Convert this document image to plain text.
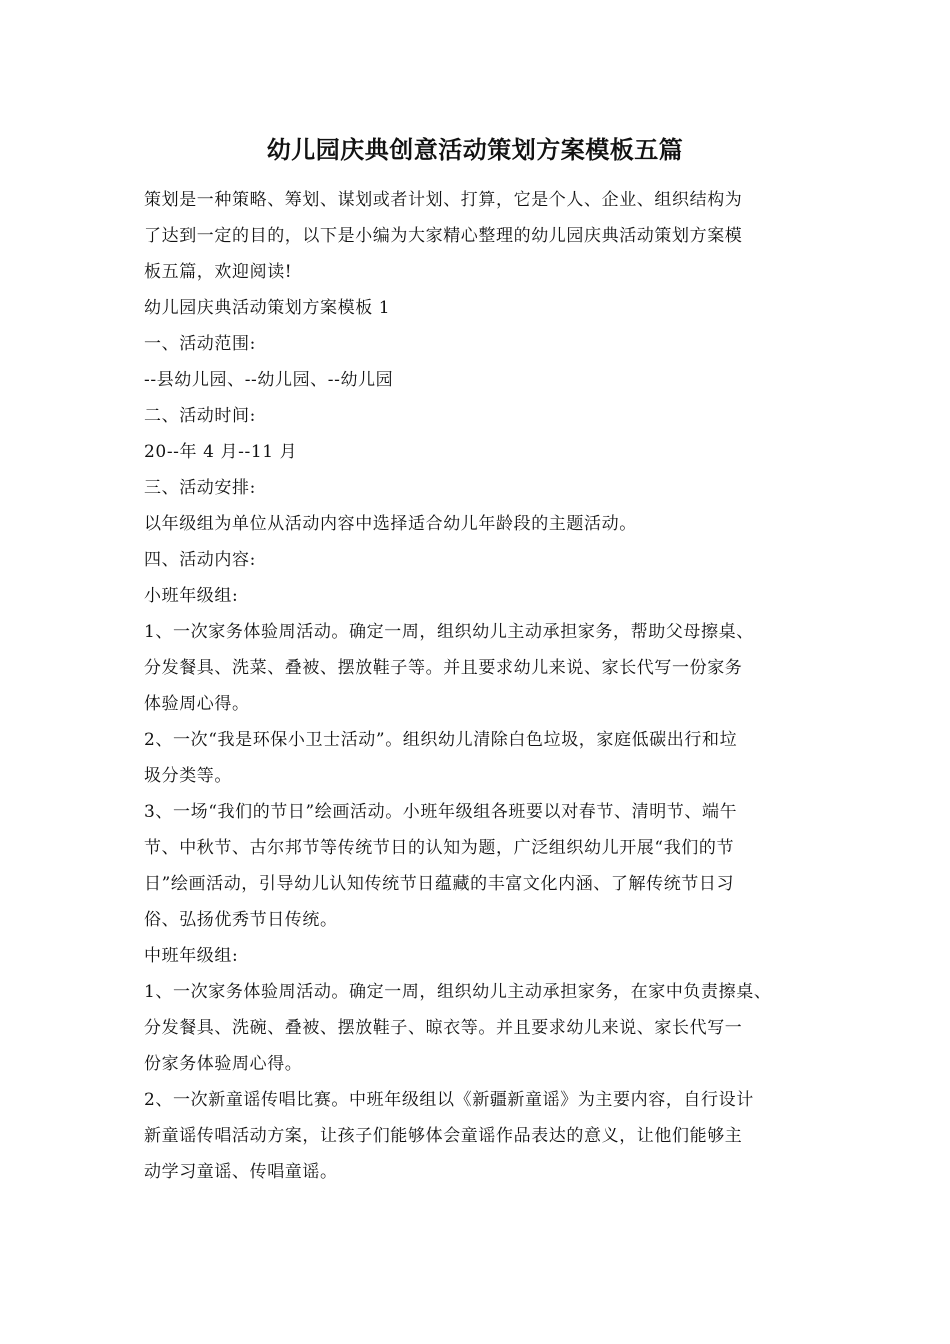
幼儿园庆典创意活动策划方案模板五篇

策划是一种策略、筹划、谋划或者计划、打算，它是个人、企业、组织结构为

了达到一定的目的，以下是小编为大家精心整理的幼儿园庆典活动策划方案模

板五篇，欢迎阅读!

幼儿园庆典活动策划方案模板 1

一、活动范围:

--县幼儿园、--幼儿园、--幼儿园

二、活动时间:

20--年 4 月--11 月

三、活动安排:

以年级组为单位从活动内容中选择适合幼儿年龄段的主题活动。

四、活动内容:

小班年级组:

1、一次家务体验周活动。确定一周，组织幼儿主动承担家务，帮助父母擦桌、

分发餐具、洗菜、叠被、摆放鞋子等。并且要求幼儿来说、家长代写一份家务

体验周心得。

2、一次“我是环保小卫士活动”。组织幼儿清除白色垃圾，家庭低碳出行和垃

圾分类等。

3、一场“我们的节日”绘画活动。小班年级组各班要以对春节、清明节、端午

节、中秋节、古尔邦节等传统节日的认知为题，广泛组织幼儿开展“我们的节

日”绘画活动，引导幼儿认知传统节日蕴藏的丰富文化内涵、了解传统节日习

俗、弘扬优秀节日传统。

中班年级组:

1、一次家务体验周活动。确定一周，组织幼儿主动承担家务，在家中负责擦桌、

分发餐具、洗碗、叠被、摆放鞋子、晾衣等。并且要求幼儿来说、家长代写一

份家务体验周心得。

2、一次新童谣传唱比赛。中班年级组以《新疆新童谣》为主要内容，自行设计

新童谣传唱活动方案，让孩子们能够体会童谣作品表达的意义，让他们能够主

动学习童谣、传唱童谣。
